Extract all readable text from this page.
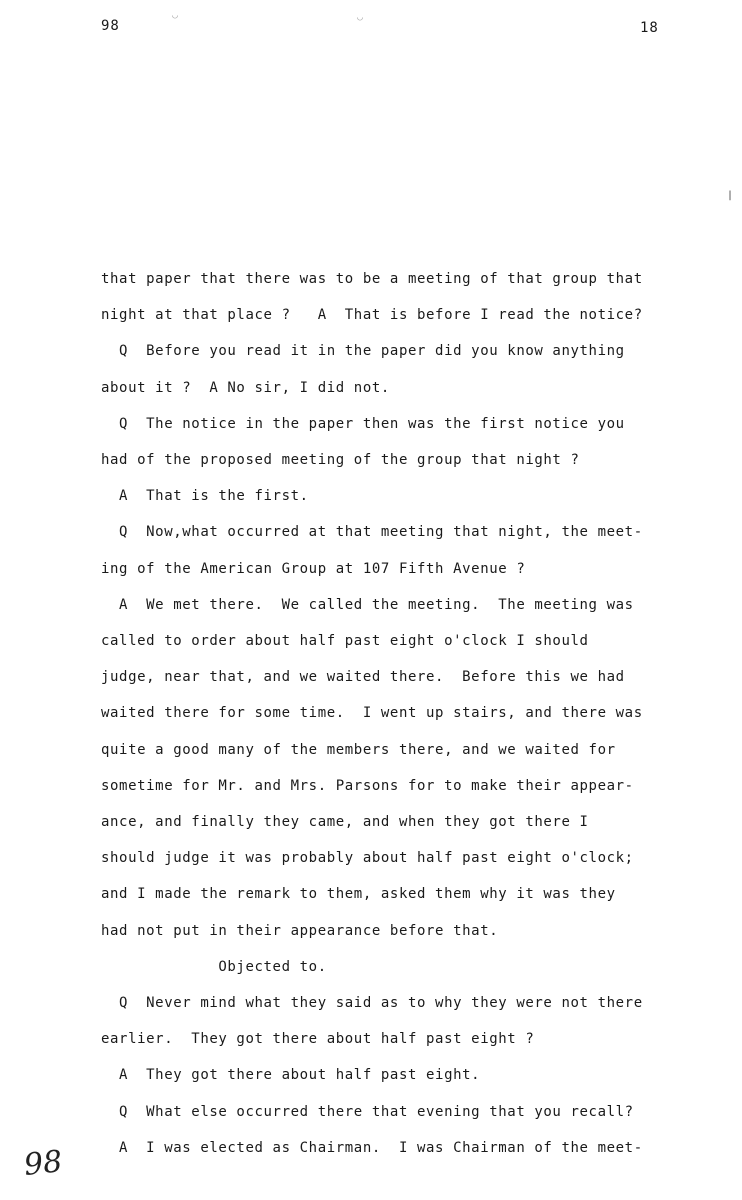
98	18
◡	◡
|
that paper that there was to be a meeting of that group that
night at that place ?   A  That is before I read the notice?
Q  Before you read it in the paper did you know anything
about it ?  A No sir, I did not.
Q  The notice in the paper then was the first notice you
had of the proposed meeting of the group that night ?
A  That is the first.
Q  Now,what occurred at that meeting that night, the meet-
ing of the American Group at 107 Fifth Avenue ?
A  We met there.  We called the meeting.  The meeting was
called to order about half past eight o'clock I should
judge, near that, and we waited there.  Before this we had
waited there for some time.  I went up stairs, and there was
quite a good many of the members there, and we waited for
sometime for Mr. and Mrs. Parsons for to make their appear-
ance, and finally they came, and when they got there I
should judge it was probably about half past eight o'clock;
and I made the remark to them, asked them why it was they
had not put in their appearance before that.
Objected to.
Q  Never mind what they said as to why they were not there
earlier.  They got there about half past eight ?
A  They got there about half past eight.
Q  What else occurred there that evening that you recall?
A  I was elected as Chairman.  I was Chairman of the meet-
98
